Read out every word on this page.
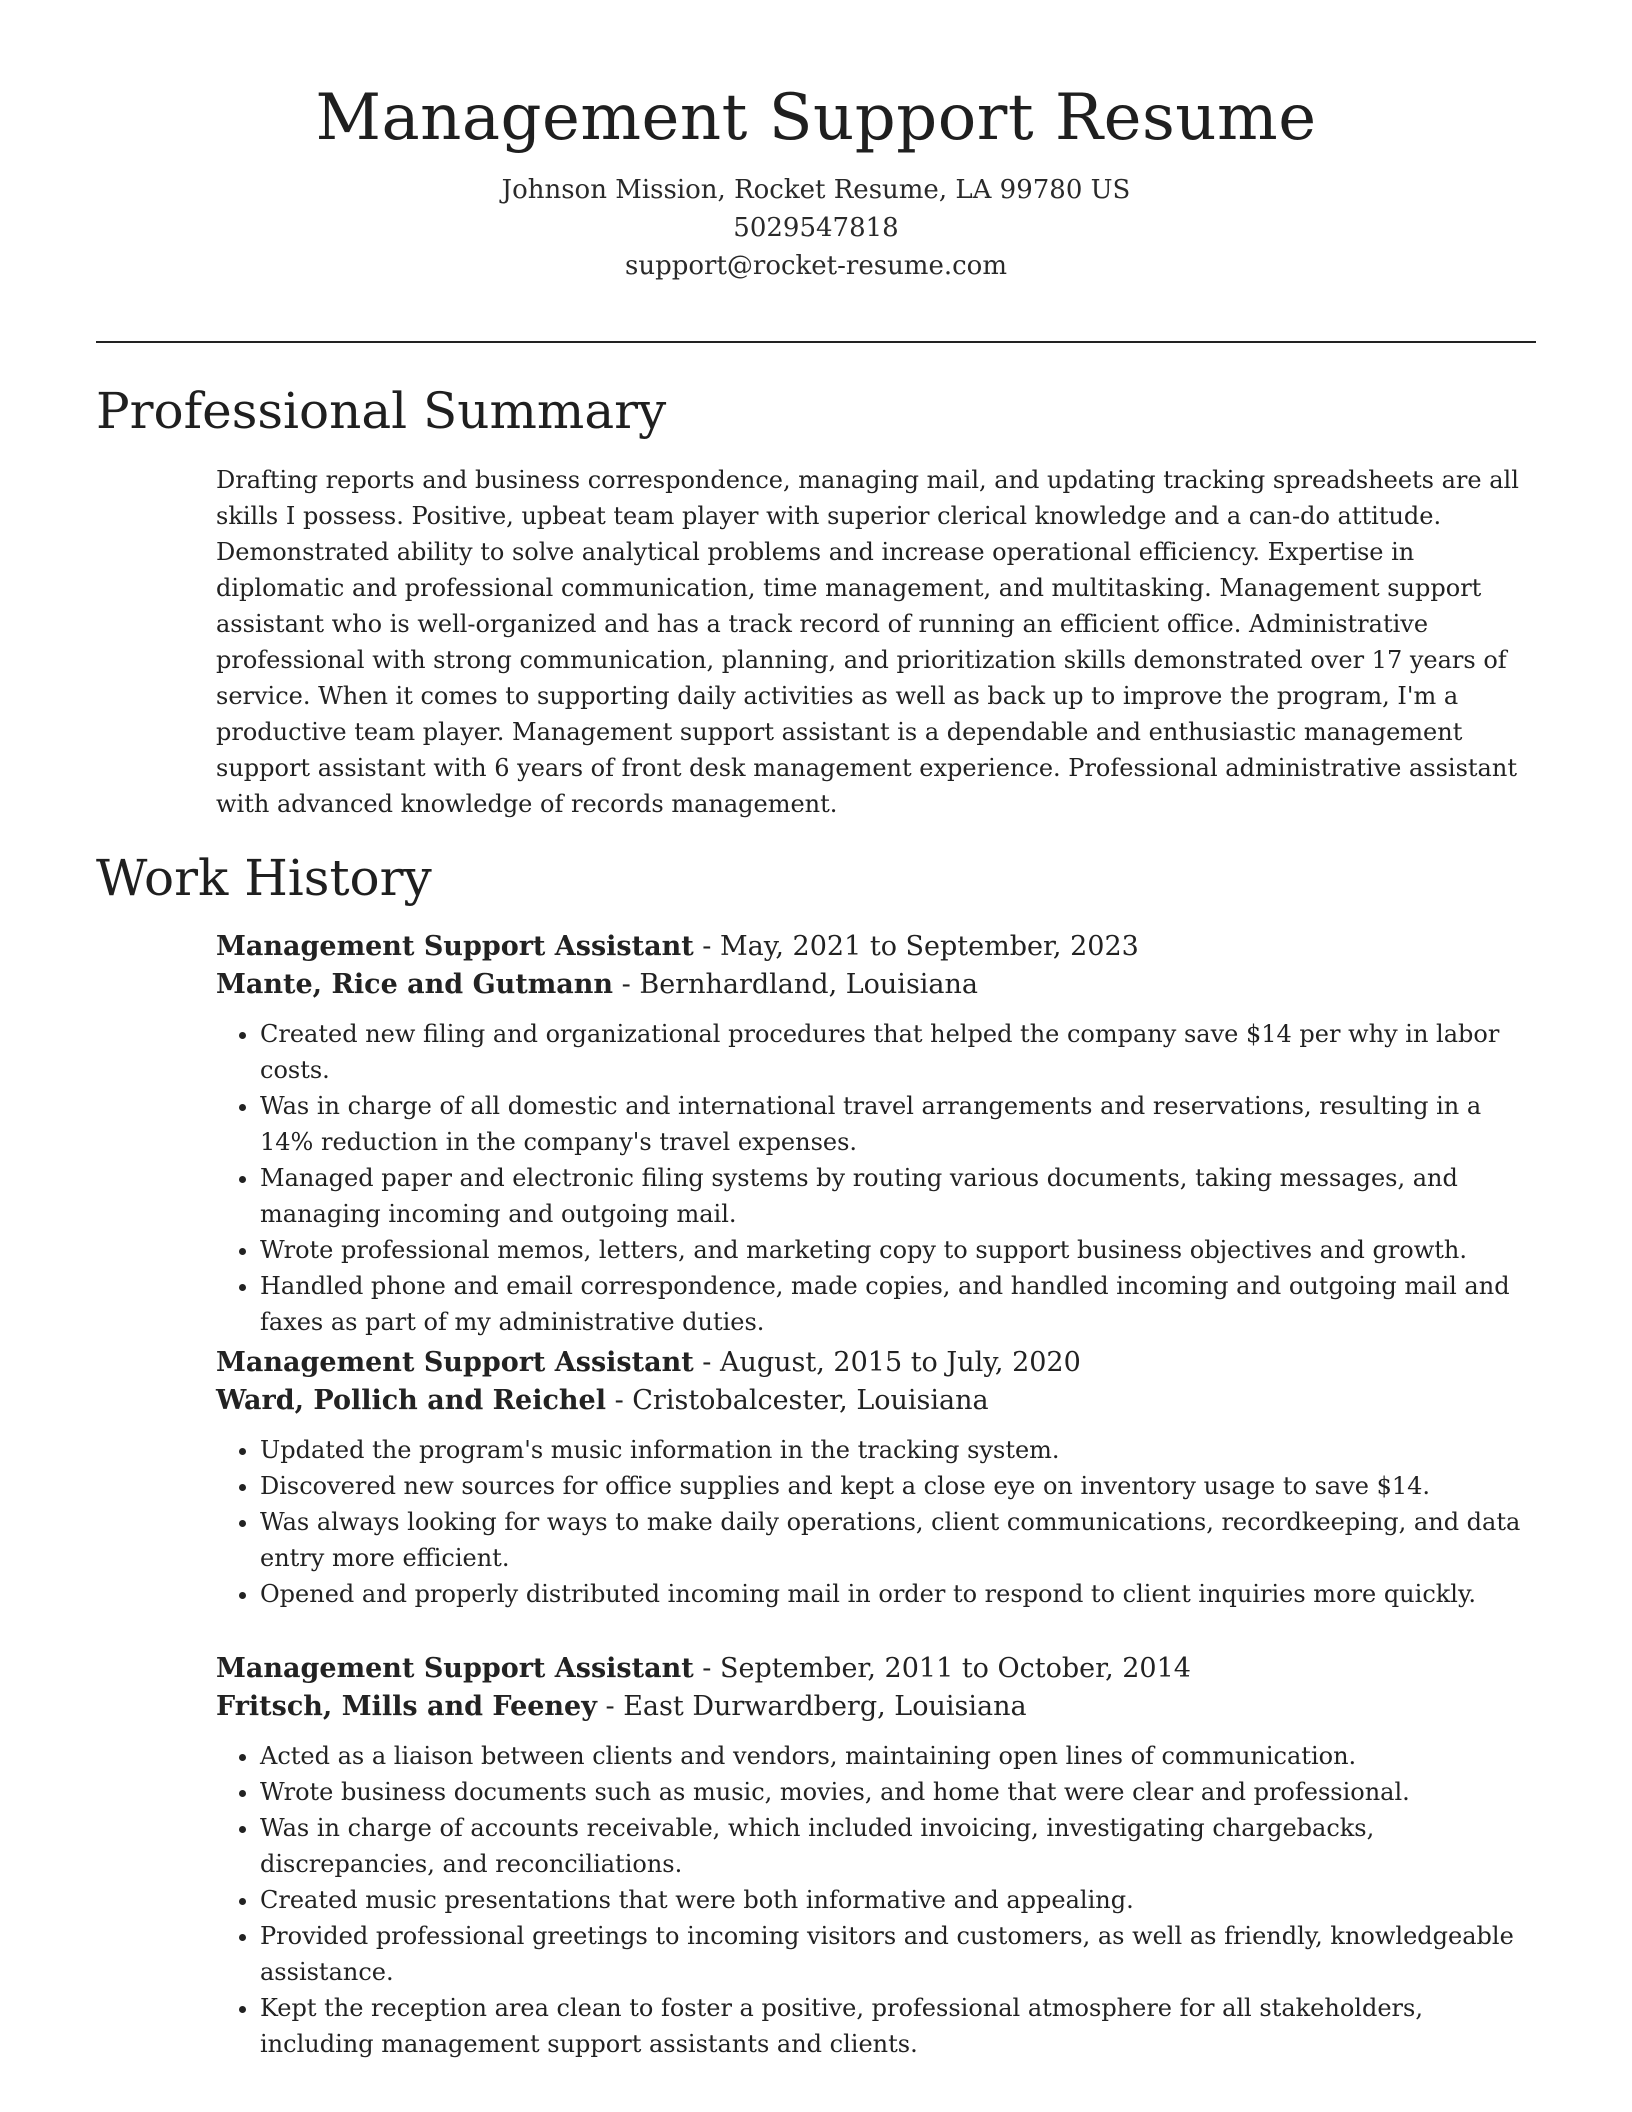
Management Support Resume
Johnson Mission, Rocket Resume, LA 99780 US
5029547818
support@rocket-resume.com
Professional Summary

Drafting reports and business correspondence, managing mail, and updating tracking spreadsheets are all skills I possess. Positive, upbeat team player with superior clerical knowledge and a can-do attitude. Demonstrated ability to solve analytical problems and increase operational efficiency. Expertise in diplomatic and professional communication, time management, and multitasking. Management support assistant who is well-organized and has a track record of running an efficient office. Administrative professional with strong communication, planning, and prioritization skills demonstrated over 17 years of service. When it comes to supporting daily activities as well as back up to improve the program, I'm a productive team player. Management support assistant is a dependable and enthusiastic management support assistant with 6 years of front desk management experience. Professional administrative assistant with advanced knowledge of records management.

Work History
Management Support Assistant - May, 2021 to September, 2023
Mante, Rice and Gutmann - Bernhardland, Louisiana
• Created new filing and organizational procedures that helped the company save $14 per why in labor costs.
• Was in charge of all domestic and international travel arrangements and reservations, resulting in a 14% reduction in the company's travel expenses.
• Managed paper and electronic filing systems by routing various documents, taking messages, and managing incoming and outgoing mail.
• Wrote professional memos, letters, and marketing copy to support business objectives and growth.
• Handled phone and email correspondence, made copies, and handled incoming and outgoing mail and faxes as part of my administrative duties.
Management Support Assistant - August, 2015 to July, 2020
Ward, Pollich and Reichel - Cristobalcester, Louisiana
• Updated the program's music information in the tracking system.
• Discovered new sources for office supplies and kept a close eye on inventory usage to save $14.
• Was always looking for ways to make daily operations, client communications, recordkeeping, and data entry more efficient.
• Opened and properly distributed incoming mail in order to respond to client inquiries more quickly.
Management Support Assistant - September, 2011 to October, 2014
Fritsch, Mills and Feeney - East Durwardberg, Louisiana
• Acted as a liaison between clients and vendors, maintaining open lines of communication.
• Wrote business documents such as music, movies, and home that were clear and professional.
• Was in charge of accounts receivable, which included invoicing, investigating chargebacks, discrepancies, and reconciliations.
• Created music presentations that were both informative and appealing.
• Provided professional greetings to incoming visitors and customers, as well as friendly, knowledgeable assistance.
• Kept the reception area clean to foster a positive, professional atmosphere for all stakeholders, including management support assistants and clients.
